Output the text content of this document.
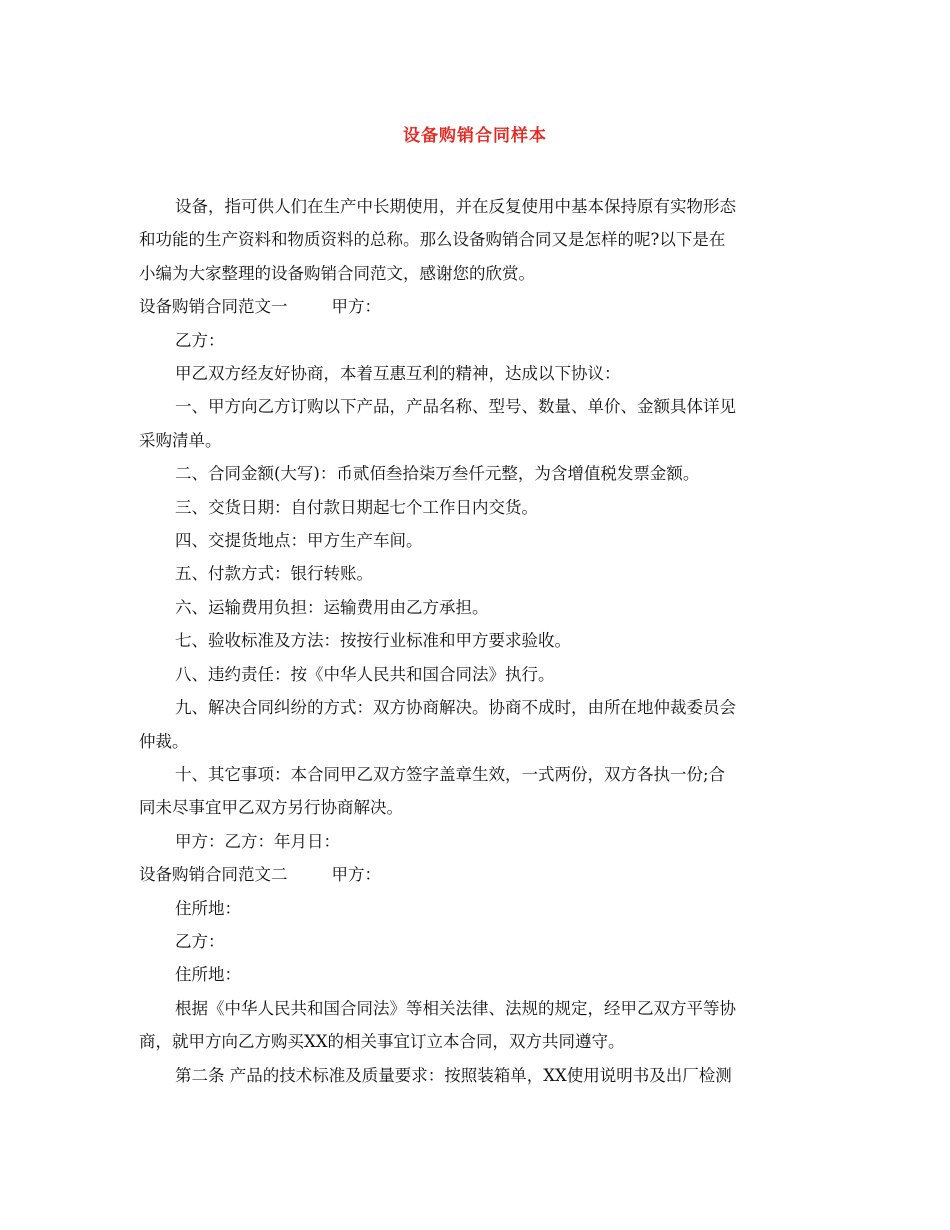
设备购销合同样本

设备，指可供人们在生产中长期使用，并在反复使用中基本保持原有实物形态

和功能的生产资料和物质资料的总称。那么设备购销合同又是怎样的呢?以下是在

小编为大家整理的设备购销合同范文，感谢您的欣赏。

设备购销合同范文一	甲方：

乙方：

甲乙双方经友好协商，本着互惠互利的精神，达成以下协议：

一、甲方向乙方订购以下产品，产品名称、型号、数量、单价、金额具体详见

采购清单。

二、合同金额(大写)：币贰佰叁拾柒万叁仟元整，为含增值税发票金额。

三、交货日期：自付款日期起七个工作日内交货。

四、交提货地点：甲方生产车间。

五、付款方式：银行转账。

六、运输费用负担：运输费用由乙方承担。

七、验收标准及方法：按按行业标准和甲方要求验收。

八、违约责任：按《中华人民共和国合同法》执行。

九、解决合同纠纷的方式：双方协商解决。协商不成时，由所在地仲裁委员会

仲裁。

十、其它事项：本合同甲乙双方签字盖章生效，一式两份，双方各执一份;合

同未尽事宜甲乙双方另行协商解决。

甲方：乙方：年月日：

设备购销合同范文二	甲方：

住所地：

乙方：

住所地：

根据《中华人民共和国合同法》等相关法律、法规的规定，经甲乙双方平等协

商，就甲方向乙方购买XX的相关事宜订立本合同，双方共同遵守。

第二条 产品的技术标准及质量要求：按照装箱单，XX使用说明书及出厂检测
